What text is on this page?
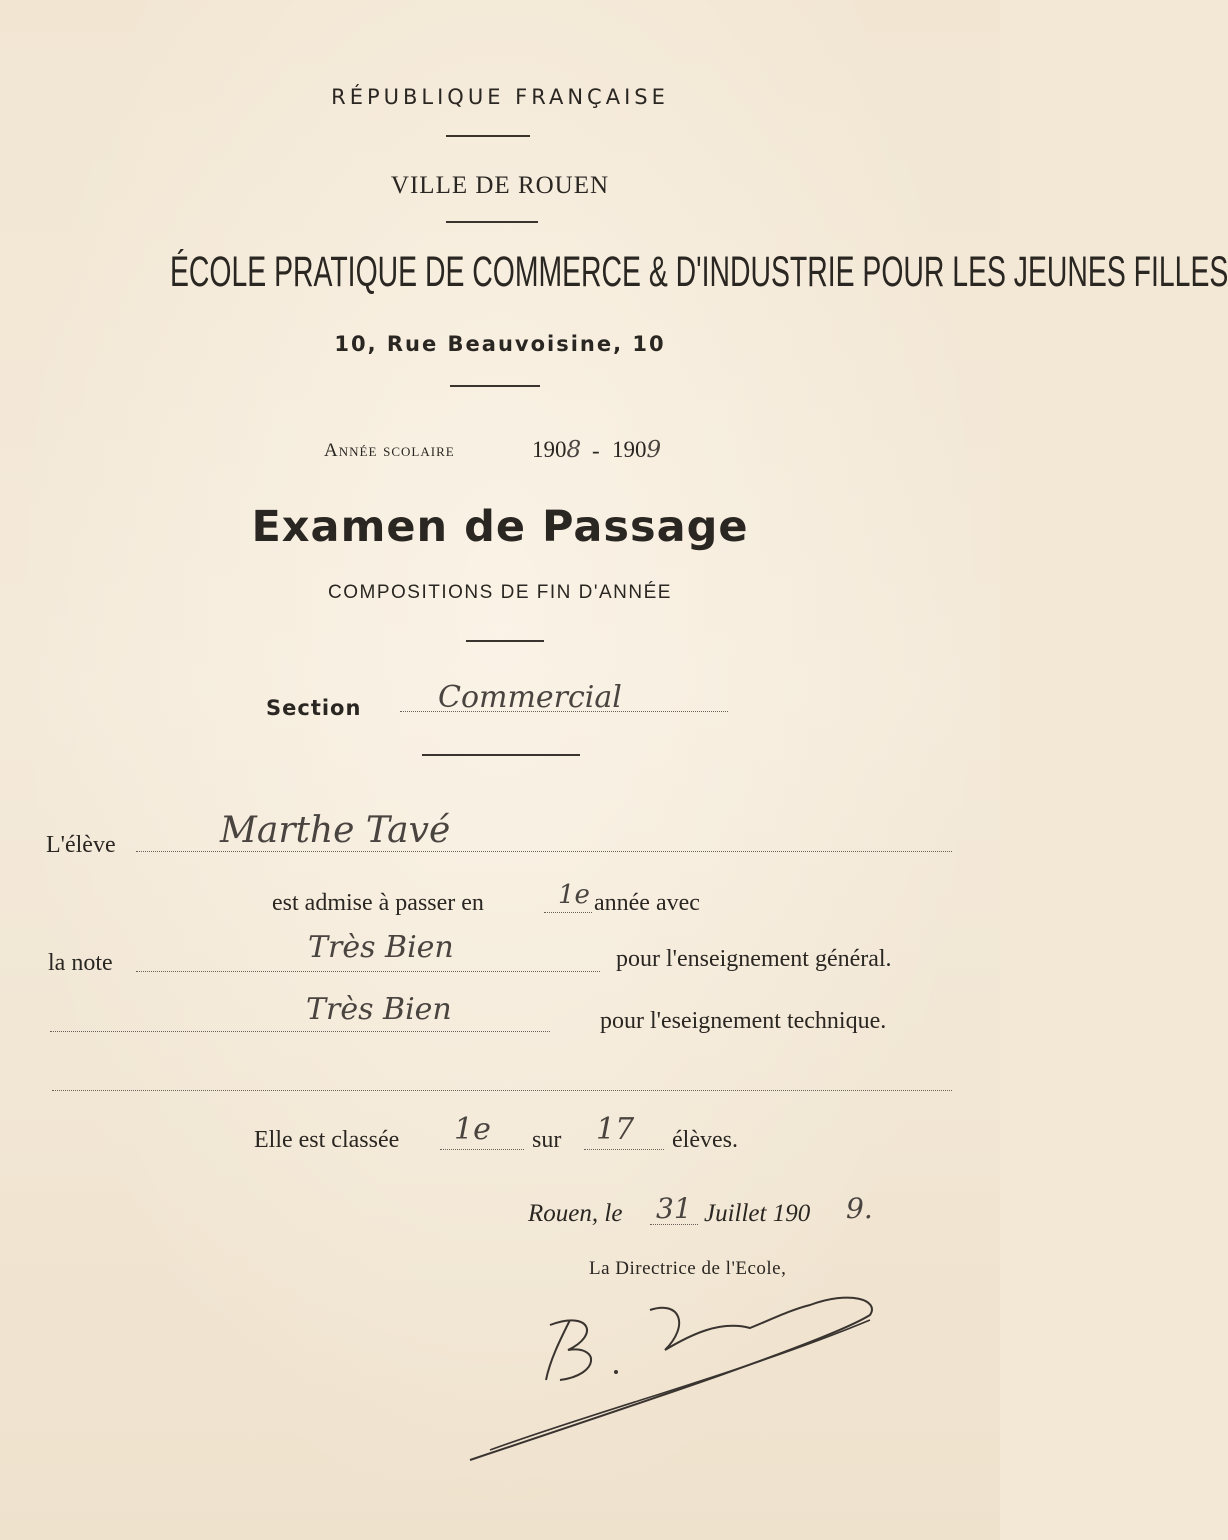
RÉPUBLIQUE FRANÇAISE
VILLE DE ROUEN
ÉCOLE PRATIQUE DE COMMERCE & D'INDUSTRIE POUR LES JEUNES FILLES
10, Rue Beauvoisine, 10
Année scolaire	1908 - 1909
Examen de Passage
COMPOSITIONS DE FIN D'ANNÉE
Section	Commercial
L'élève	Marthe Tavé
est admise à passer en	1e année avec
la note	Très Bien	pour l'enseignement général.
Très Bien	pour l'eseignement technique.
Elle est classée 1e sur 17 élèves.
Rouen, le 31 Juillet 190 9.
La Directrice de l'Ecole,
